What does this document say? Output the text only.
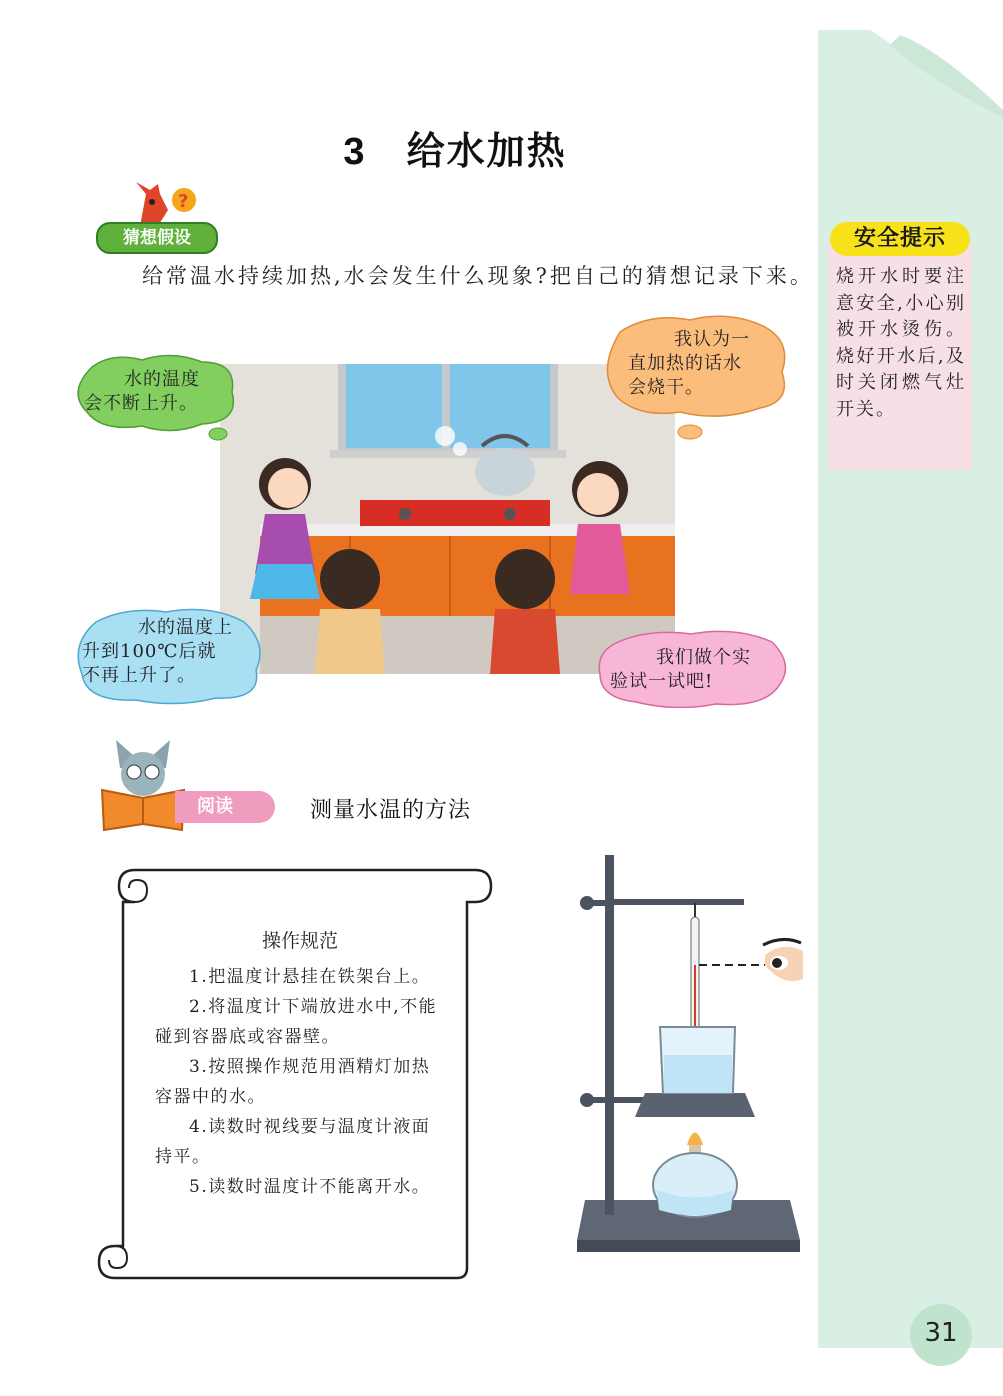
安全提示
烧开水时要注意安全,小心别被开水烫伤。烧好开水后,及时关闭燃气灶开关。
31
3 给水加热
?
猜想假设
给常温水持续加热,水会发生什么现象?把自己的猜想记录下来。
水的温度
会不断上升。
我认为一
直加热的话水
会烧干。
水的温度上
升到100℃后就
不再上升了。
我们做个实
验试一试吧!
阅读	测量水温的方法
操作规范
1.把温度计悬挂在铁架台上。
2.将温度计下端放进水中,不能碰到容器底或容器壁。
3.按照操作规范用酒精灯加热容器中的水。
4.读数时视线要与温度计液面持平。
5.读数时温度计不能离开水。
